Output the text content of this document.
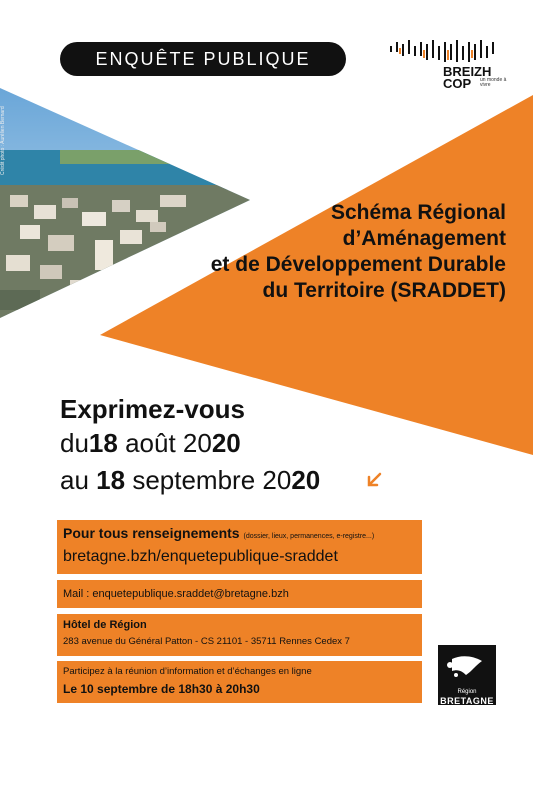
ENQUÊTE PUBLIQUE
BREIZH COP	un monde à vivre
Crédit photo : Aurélien Bernard
Schéma Régional
d’Aménagement
et de Développement Durable
du Territoire (SRADDET)
Exprimez-vous
du18 août 2020
au 18 septembre 2020
Pour tous renseignements (dossier, lieux, permanences, e-registre...)
bretagne.bzh/enquetepublique-sraddet
Mail : enquetepublique.sraddet@bretagne.bzh
Hôtel de Région
283 avenue du Général Patton - CS 21101 - 35711 Rennes Cedex 7
Participez à la réunion d’information et d’échanges en ligne
Le 10 septembre de 18h30 à 20h30	Région
BRETAGNE
